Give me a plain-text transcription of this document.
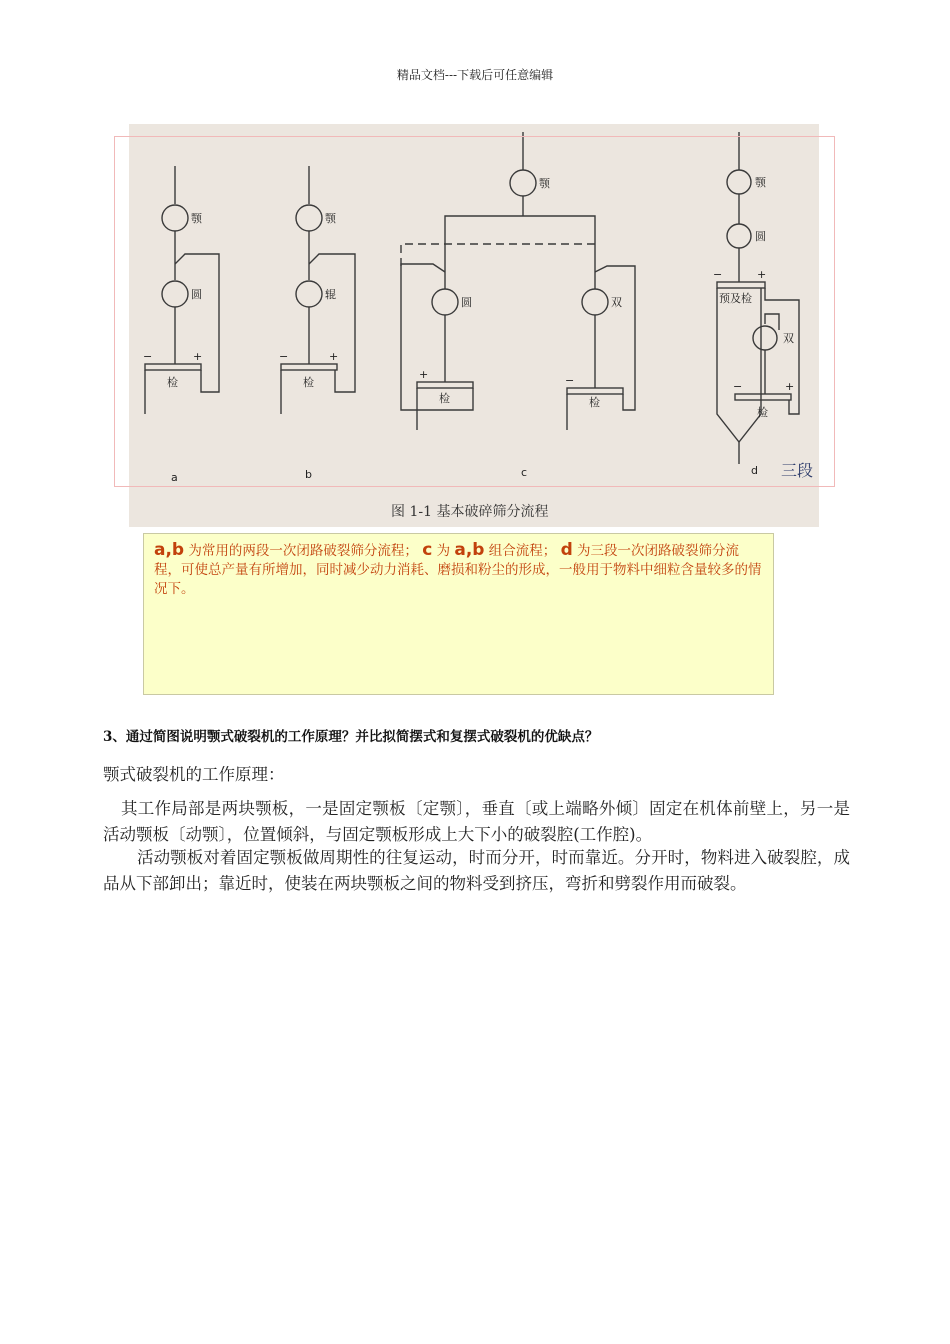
精品文档---下载后可任意编辑
颚
圆
−	+
检
a
颚
辊
−	+
检
b
颚
圆	双
+	−
检	检
c
颚
圆
−	+
预及检
双
−	+
检
d 三段
图 1-1 基本破碎筛分流程
a,b 为常用的两段一次闭路破裂筛分流程； c 为 a,b 组合流程； d 为三段一次闭路破裂筛分流程，可使总产量有所增加，同时减少动力消耗、磨损和粉尘的形成，一般用于物料中细粒含量较多的情况下。
3、通过简图说明颚式破裂机的工作原理？并比拟简摆式和复摆式破裂机的优缺点？
颚式破裂机的工作原理：
其工作局部是两块颚板，一是固定颚板〔定颚〕，垂直〔或上端略外倾〕固定在机体前壁上，另一是活动颚板〔动颚〕，位置倾斜，与固定颚板形成上大下小的破裂腔(工作腔)。
活动颚板对着固定颚板做周期性的往复运动，时而分开，时而靠近。分开时，物料进入破裂腔，成品从下部卸出；靠近时，使装在两块颚板之间的物料受到挤压，弯折和劈裂作用而破裂。
